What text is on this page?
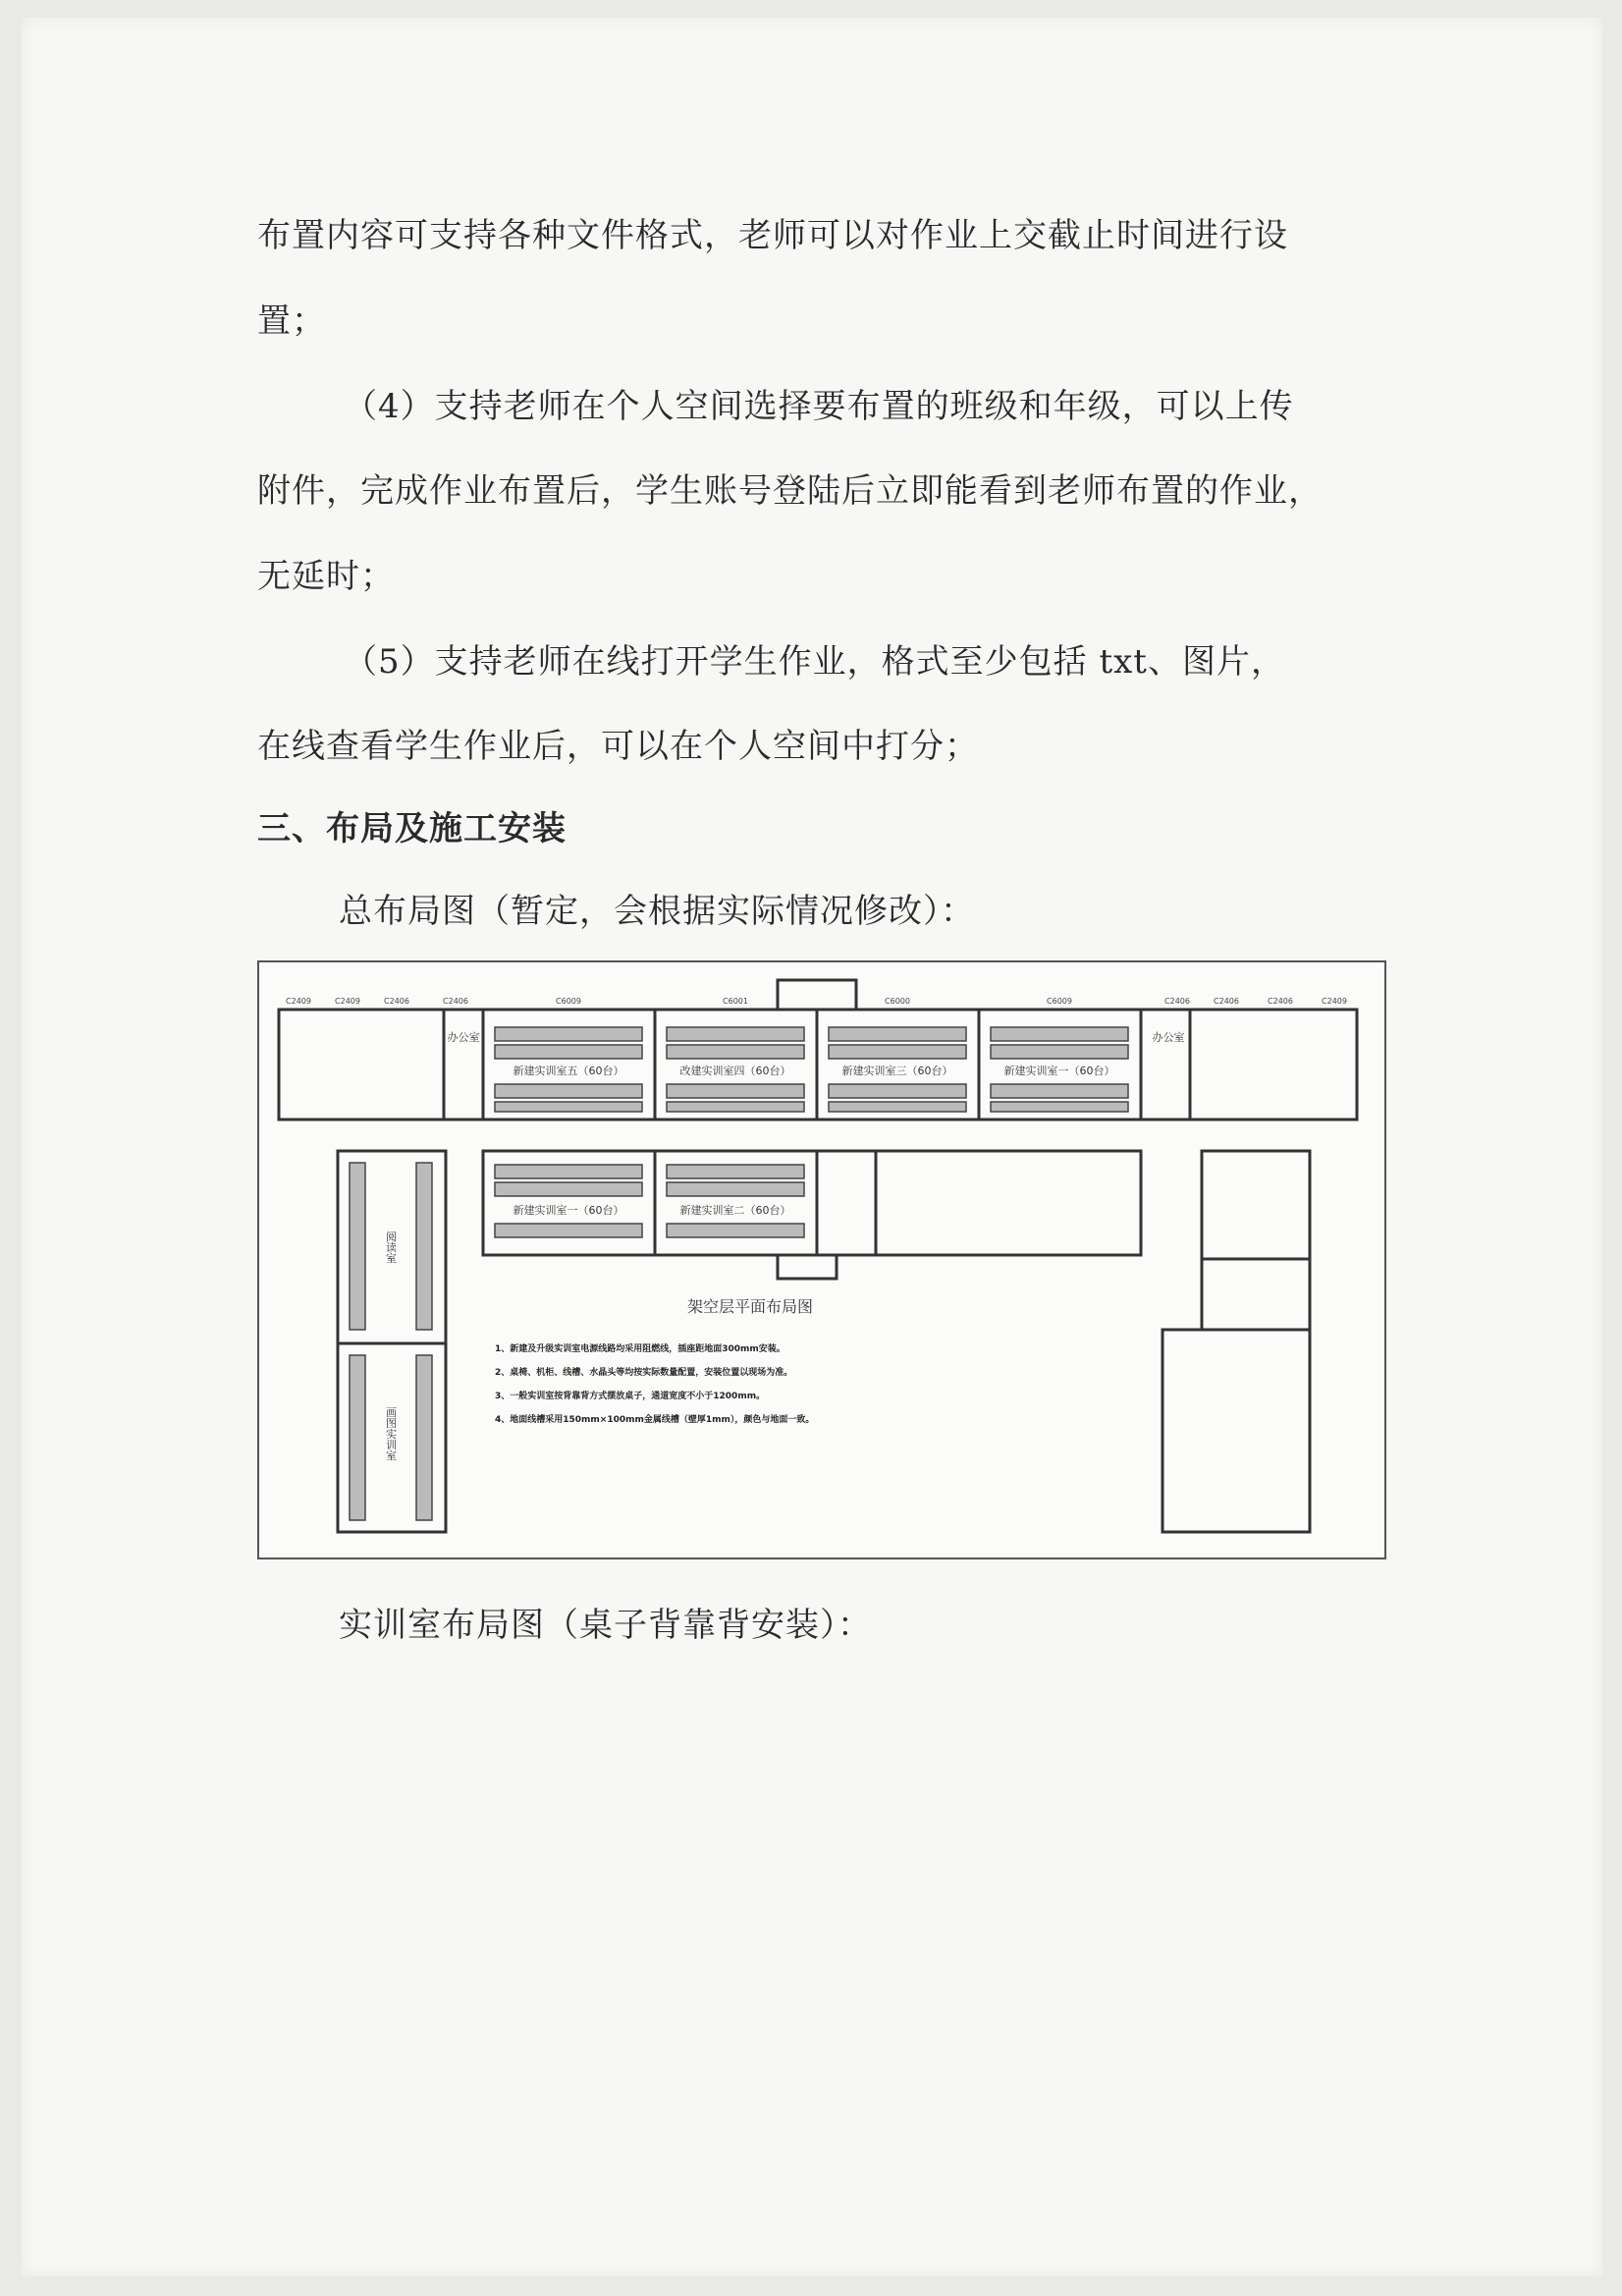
布置内容可支持各种文件格式，老师可以对作业上交截止时间进行设
置；
（4）支持老师在个人空间选择要布置的班级和年级，可以上传
附件，完成作业布置后，学生账号登陆后立即能看到老师布置的作业，
无延时；
（5）支持老师在线打开学生作业，格式至少包括 txt、图片，
在线查看学生作业后，可以在个人空间中打分；
三、布局及施工安装
总布局图（暂定，会根据实际情况修改）：
实训室布局图（桌子背靠背安装）：
新建实训室五（60台）	改建实训室四（60台）	新建实训室三（60台）	新建实训室一（60台）
新建实训室一（60台）	新建实训室二（60台）
阅读室
画图实训室
办公室	办公室
C2409	C2409	C2406	C2406	C6009	C6001	C6000	C6009	C2406	C2406	C2406	C2409
架空层平面布局图
1、新建及升级实训室电源线路均采用阻燃线，插座距地面300mm安装。
2、桌椅、机柜、线槽、水晶头等均按实际数量配置，安装位置以现场为准。
3、一般实训室按背靠背方式摆放桌子，通道宽度不小于1200mm。
4、地面线槽采用150mm×100mm金属线槽（壁厚1mm），颜色与地面一致。
